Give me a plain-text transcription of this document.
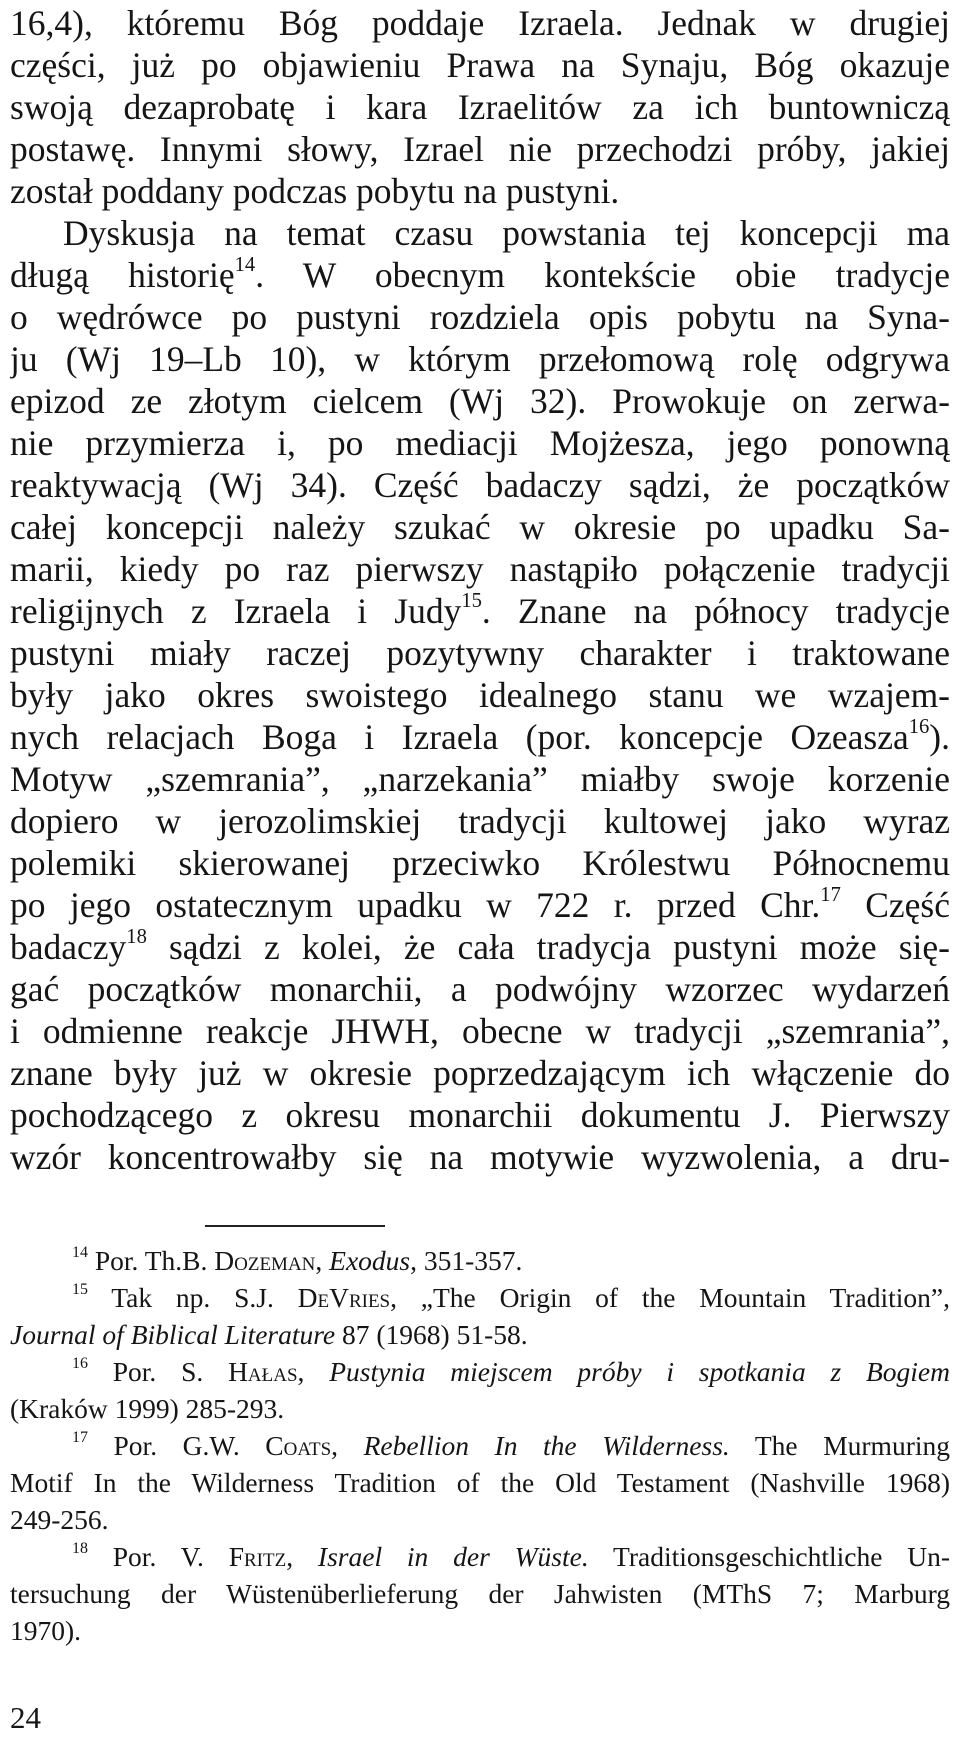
16,4), któremu Bóg poddaje Izraela. Jednak w drugiej
części, już po objawieniu Prawa na Synaju, Bóg okazuje
swoją dezaprobatę i kara Izraelitów za ich buntowniczą
postawę. Innymi słowy, Izrael nie przechodzi próby, jakiej
został poddany podczas pobytu na pustyni.
Dyskusja na temat czasu powstania tej koncepcji ma
długą historię$^{14}$. W obecnym kontekście obie tradycje
o wędrówce po pustyni rozdziela opis pobytu na Syna-
ju (Wj 19–Lb 10), w którym przełomową rolę odgrywa
epizod ze złotym cielcem (Wj 32). Prowokuje on zerwa-
nie przymierza i, po mediacji Mojżesza, jego ponowną
reaktywacją (Wj 34). Część badaczy sądzi, że początków
całej koncepcji należy szukać w okresie po upadku Sa-
marii, kiedy po raz pierwszy nastąpiło połączenie tradycji
religijnych z Izraela i Judy$^{15}$. Znane na północy tradycje
pustyni miały raczej pozytywny charakter i traktowane
były jako okres swoistego idealnego stanu we wzajem-
nych relacjach Boga i Izraela (por. koncepcje Ozeasza$^{16}$).
Motyw „szemrania”, „narzekania” miałby swoje korzenie
dopiero w jerozolimskiej tradycji kultowej jako wyraz
polemiki skierowanej przeciwko Królestwu Północnemu
po jego ostatecznym upadku w 722 r. przed Chr.$^{17}$ Część
badaczy$^{18}$ sądzi z kolei, że cała tradycja pustyni może się-
gać początków monarchii, a podwójny wzorzec wydarzeń
i odmienne reakcje JHWH, obecne w tradycji „szemrania”,
znane były już w okresie poprzedzającym ich włączenie do
pochodzącego z okresu monarchii dokumentu J. Pierwszy
wzór koncentrowałby się na motywie wyzwolenia, a dru-
$^{14}$ Por. Th.B. Dozeman, Exodus, 351-357.
$^{15}$ Tak np. S.J. DeVries, „The Origin of the Mountain Tradition”,
Journal of Biblical Literature 87 (1968) 51-58.
$^{16}$ Por. S. Hałas, Pustynia miejscem próby i spotkania z Bogiem
(Kraków 1999) 285-293.
$^{17}$ Por. G.W. Coats, Rebellion In the Wilderness. The Murmuring
Motif In the Wilderness Tradition of the Old Testament (Nashville 1968)
249-256.
$^{18}$ Por. V. Fritz, Israel in der Wüste. Traditionsgeschichtliche Un-
tersuchung der Wüstenüberlieferung der Jahwisten (MThS 7; Marburg
1970).
24
